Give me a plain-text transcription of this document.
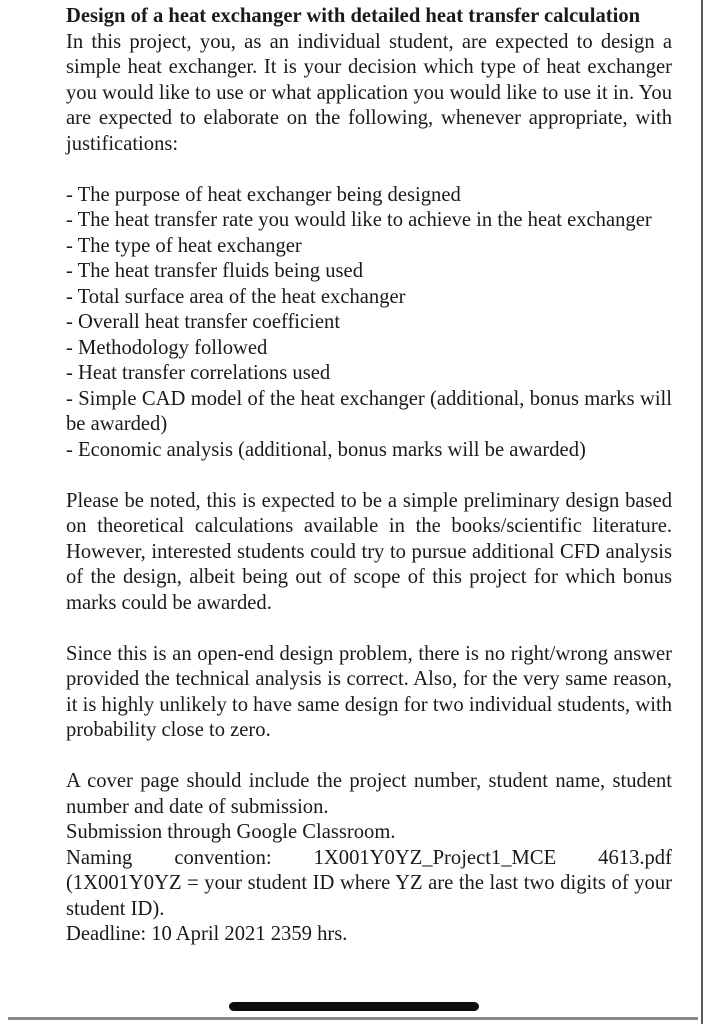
Design of a heat exchanger with detailed heat transfer calculation

In this project, you, as an individual student, are expected to design a simple heat exchanger. It is your decision which type of heat exchanger you would like to use or what application you would like to use it in. You are expected to elaborate on the following, whenever appropriate, with justifications:

- The purpose of heat exchanger being designed
- The heat transfer rate you would like to achieve in the heat exchanger
- The type of heat exchanger
- The heat transfer fluids being used
- Total surface area of the heat exchanger
- Overall heat transfer coefficient
- Methodology followed
- Heat transfer correlations used
- Simple CAD model of the heat exchanger (additional, bonus marks will be awarded)
- Economic analysis (additional, bonus marks will be awarded)

Please be noted, this is expected to be a simple preliminary design based on theoretical calculations available in the books/scientific literature. However, interested students could try to pursue additional CFD analysis of the design, albeit being out of scope of this project for which bonus marks could be awarded.

Since this is an open-end design problem, there is no right/wrong answer provided the technical analysis is correct. Also, for the very same reason, it is highly unlikely to have same design for two individual students, with probability close to zero.

A cover page should include the project number, student name, student number and date of submission.

Submission through Google Classroom.

Naming convention: 1X001Y0YZ_Project1_MCE 4613.pdf

(1X001Y0YZ = your student ID where YZ are the last two digits of your student ID).

Deadline: 10 April 2021 2359 hrs.
